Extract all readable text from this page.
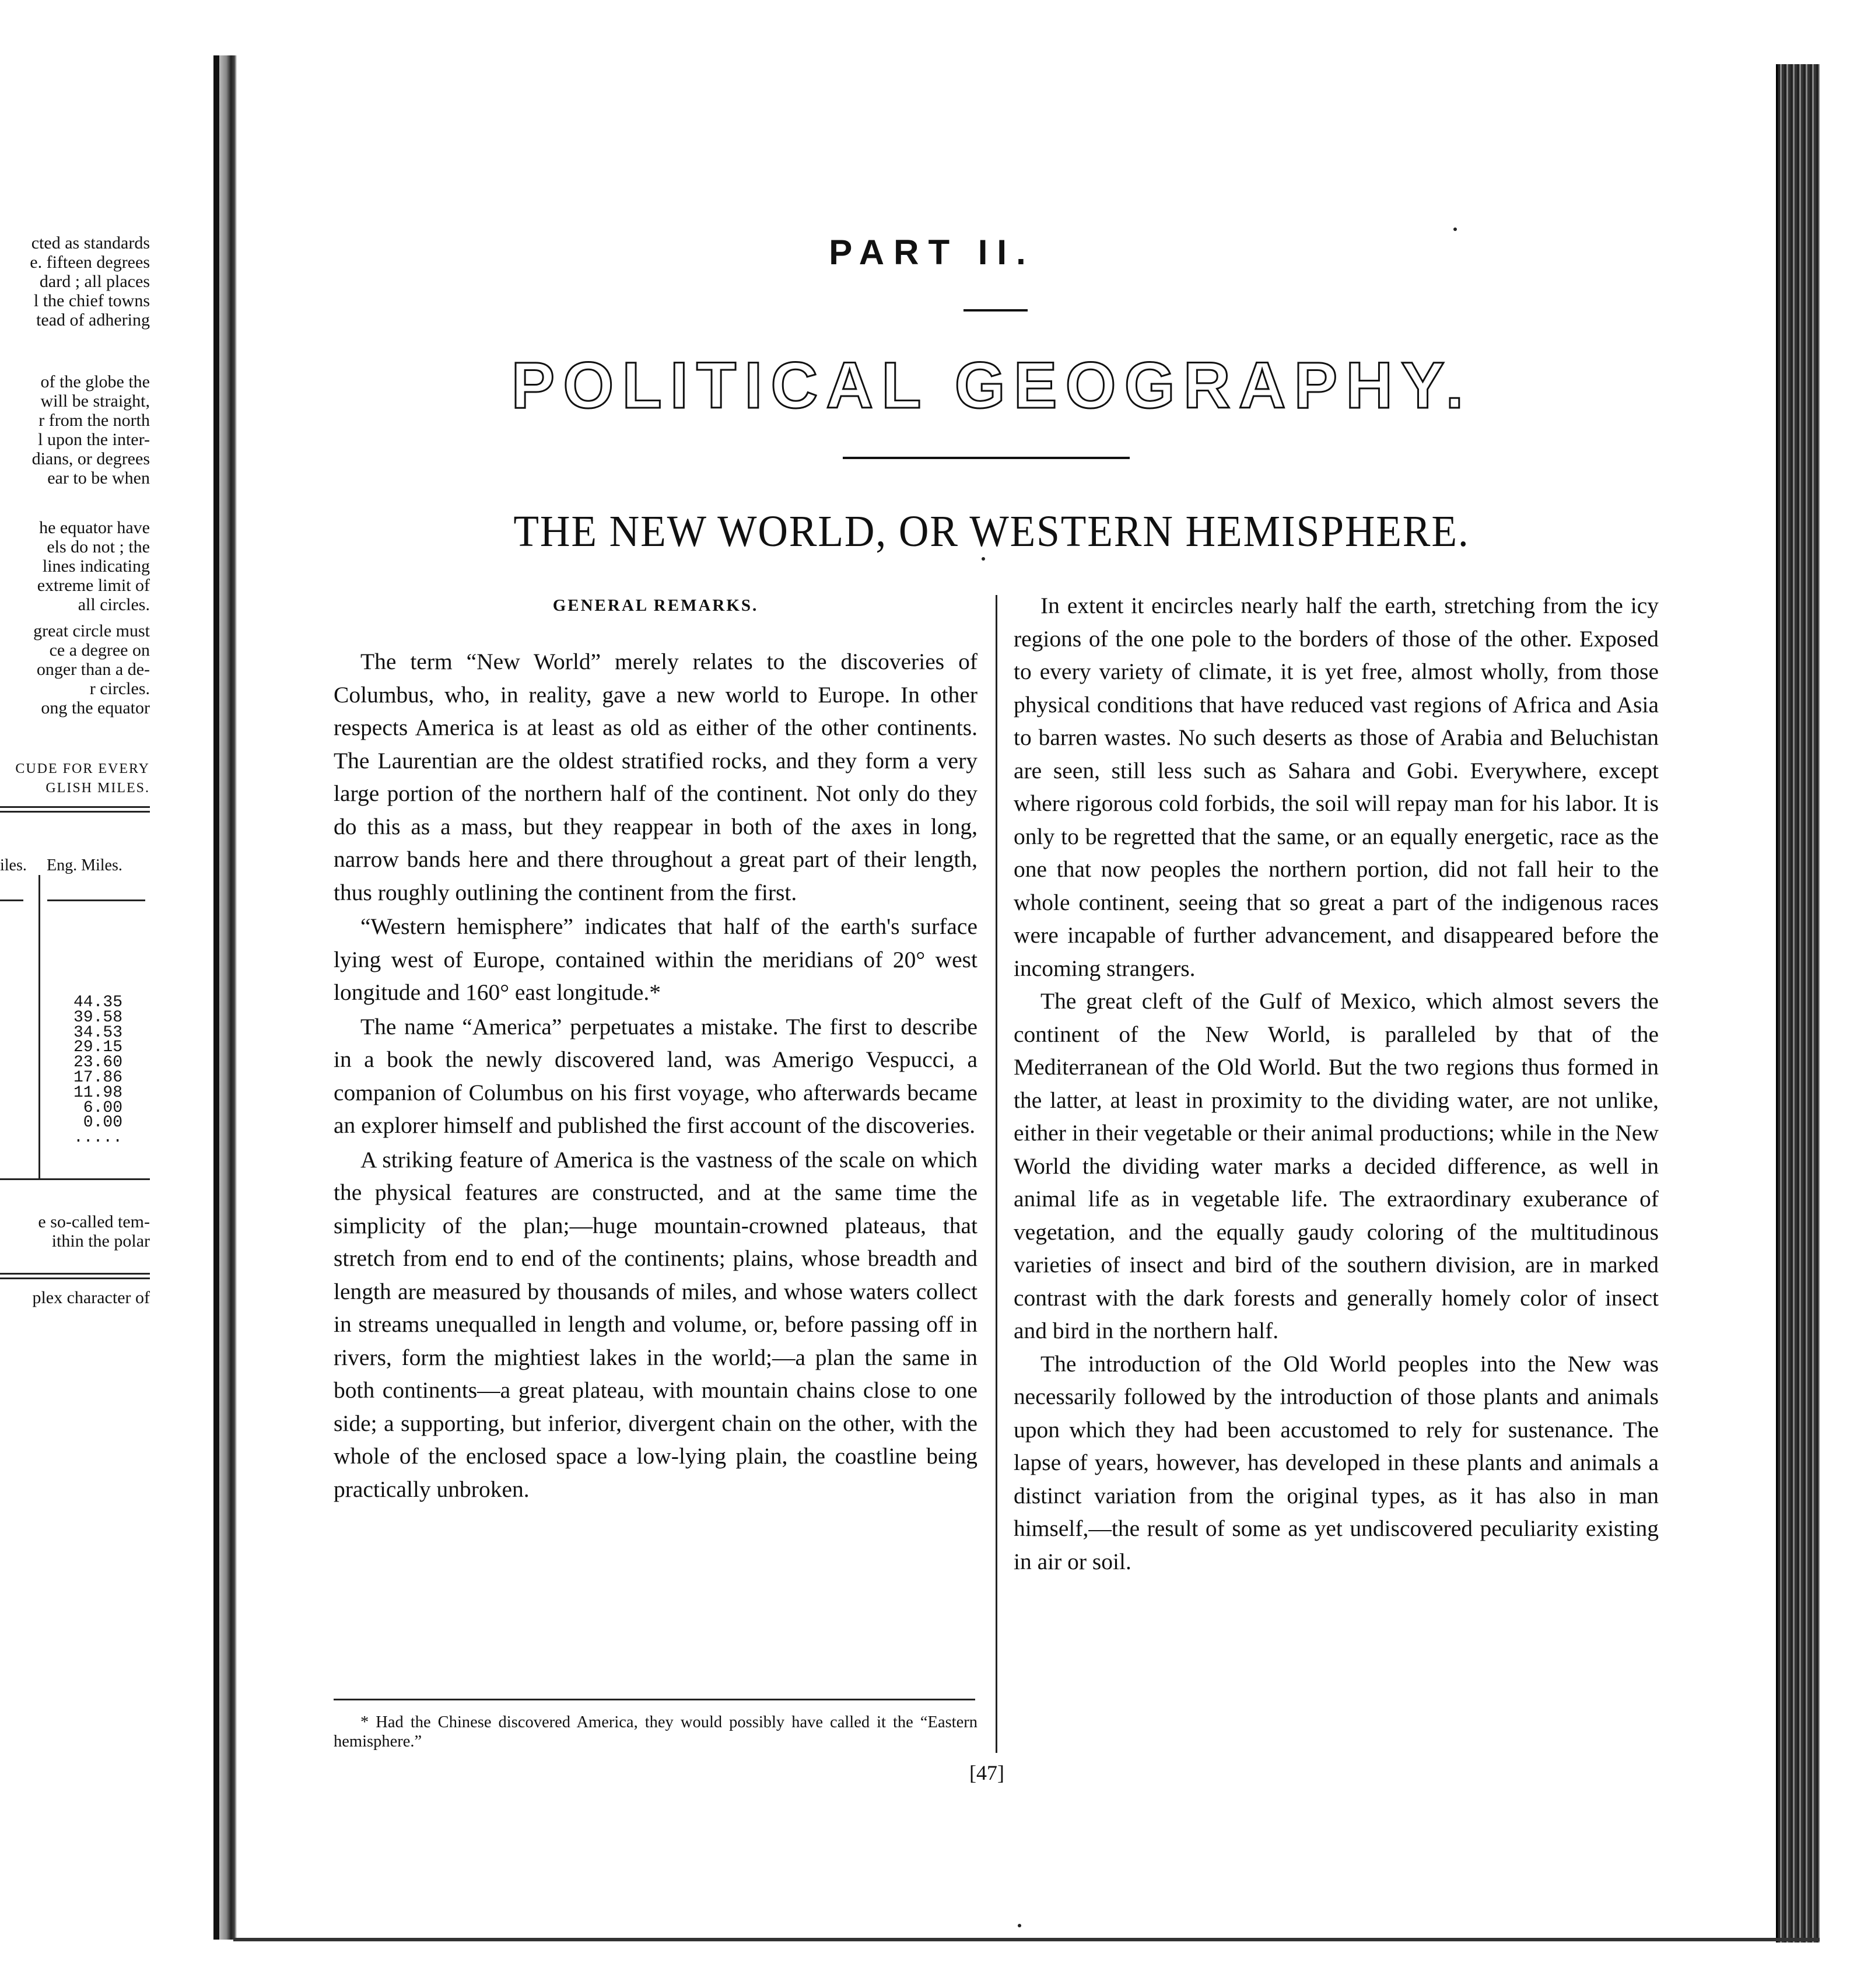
cted as standards
e. fifteen degrees
dard ; all places
l the chief towns
tead of adhering
of the globe the
will be straight,
r from the north
l upon the inter-
dians, or degrees
ear to be when
he equator have
els do not ; the
lines indicating
extreme limit of
all circles.
great circle must
ce a degree on
onger than a de-
r circles.
ong the equator
CUDE FOR EVERY
GLISH MILES.
iles. Eng. Miles.
44.35
39.58
34.53
29.15
23.60
17.86
11.98
6.00
0.00
.....
e so-called tem-
ithin the polar
plex character of
PART II.
POLITICAL GEOGRAPHY.
THE NEW WORLD, OR WESTERN HEMISPHERE.
GENERAL REMARKS.

The term “New World” merely relates to the discoveries of Columbus, who, in reality, gave a new world to Europe. In other respects America is at least as old as either of the other continents. The Laurentian are the oldest stratified rocks, and they form a very large portion of the northern half of the continent. Not only do they do this as a mass, but they reappear in both of the axes in long, narrow bands here and there throughout a great part of their length, thus roughly outlining the continent from the first.

“Western hemisphere” indicates that half of the earth's surface lying west of Europe, contained within the meridians of 20° west longitude and 160° east longitude.*

The name “America” perpetuates a mistake. The first to describe in a book the newly discovered land, was Amerigo Vespucci, a companion of Columbus on his first voyage, who afterwards became an explorer himself and published the first account of the discoveries.

A striking feature of America is the vastness of the scale on which the physical features are constructed, and at the same time the simplicity of the plan;—huge mountain-crowned plateaus, that stretch from end to end of the continents; plains, whose breadth and length are measured by thousands of miles, and whose waters collect in streams unequalled in length and volume, or, before passing off in rivers, form the mightiest lakes in the world;—a plan the same in both continents—a great plateau, with mountain chains close to one side; a supporting, but inferior, divergent chain on the other, with the whole of the enclosed space a low-lying plain, the coastline being practically unbroken.

In extent it encircles nearly half the earth, stretching from the icy regions of the one pole to the borders of those of the other. Exposed to every variety of climate, it is yet free, almost wholly, from those physical conditions that have reduced vast regions of Africa and Asia to barren wastes. No such deserts as those of Arabia and Beluchistan are seen, still less such as Sahara and Gobi. Everywhere, except where rigorous cold forbids, the soil will repay man for his labor. It is only to be regretted that the same, or an equally energetic, race as the one that now peoples the northern portion, did not fall heir to the whole continent, seeing that so great a part of the indigenous races were incapable of further advancement, and disappeared before the incoming strangers.

The great cleft of the Gulf of Mexico, which almost severs the continent of the New World, is paralleled by that of the Mediterranean of the Old World. But the two regions thus formed in the latter, at least in proximity to the dividing water, are not unlike, either in their vegetable or their animal productions; while in the New World the dividing water marks a decided difference, as well in animal life as in vegetable life. The extraordinary exuberance of vegetation, and the equally gaudy coloring of the multitudinous varieties of insect and bird of the southern division, are in marked contrast with the dark forests and generally homely color of insect and bird in the northern half.

The introduction of the Old World peoples into the New was necessarily followed by the introduction of those plants and animals upon which they had been accustomed to rely for sustenance. The lapse of years, however, has developed in these plants and animals a distinct variation from the original types, as it has also in man himself,—the result of some as yet undiscovered peculiarity existing in air or soil.

* Had the Chinese discovered America, they would possibly have called it the “Eastern hemisphere.”
[47]
